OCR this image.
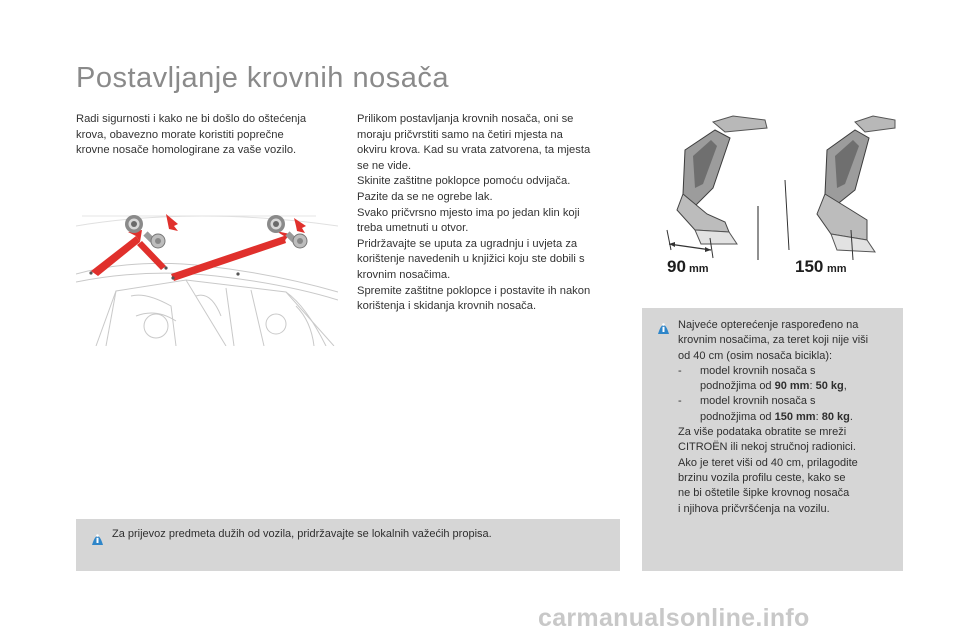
Postavljanje krovnih nosača
Radi sigurnosti i kako ne bi došlo do oštećenja
krova, obavezno morate koristiti poprečne
krovne nosače homologirane za vaše vozilo.
Prilikom postavljanja krovnih nosača, oni se
moraju pričvrstiti samo na četiri mjesta na
okviru krova. Kad su vrata zatvorena, ta mjesta
se ne vide.
Skinite zaštitne poklopce pomoću odvijača.
Pazite da se ne ogrebe lak.
Svako pričvrsno mjesto ima po jedan klin koji
treba umetnuti u otvor.
Pridržavajte se uputa za ugradnju i uvjeta za
korištenje navedenih u knjižici koju ste dobili s
krovnim nosačima.
Spremite zaštitne poklopce i postavite ih nakon
korištenja i skidanja krovnih nosača.
90 mm	150 mm
Za prijevoz predmeta dužih od vozila, pridržavajte se lokalnih važećih propisa.
Najveće opterećenje raspoređeno na
krovnim nosačima, za teret koji nije viši
od 40 cm (osim nosača bicikla):
-	model krovnih nosača s
podnožjima od 90 mm: 50 kg,
-	model krovnih nosača s
podnožjima od 150 mm: 80 kg.
Za više podataka obratite se mreži
CITROËN ili nekoj stručnoj radionici.
Ako je teret viši od 40 cm, prilagodite
brzinu vozila profilu ceste, kako se
ne bi oštetile šipke krovnog nosača
i njihova pričvršćenja na vozilu.
carmanualsonline.info
